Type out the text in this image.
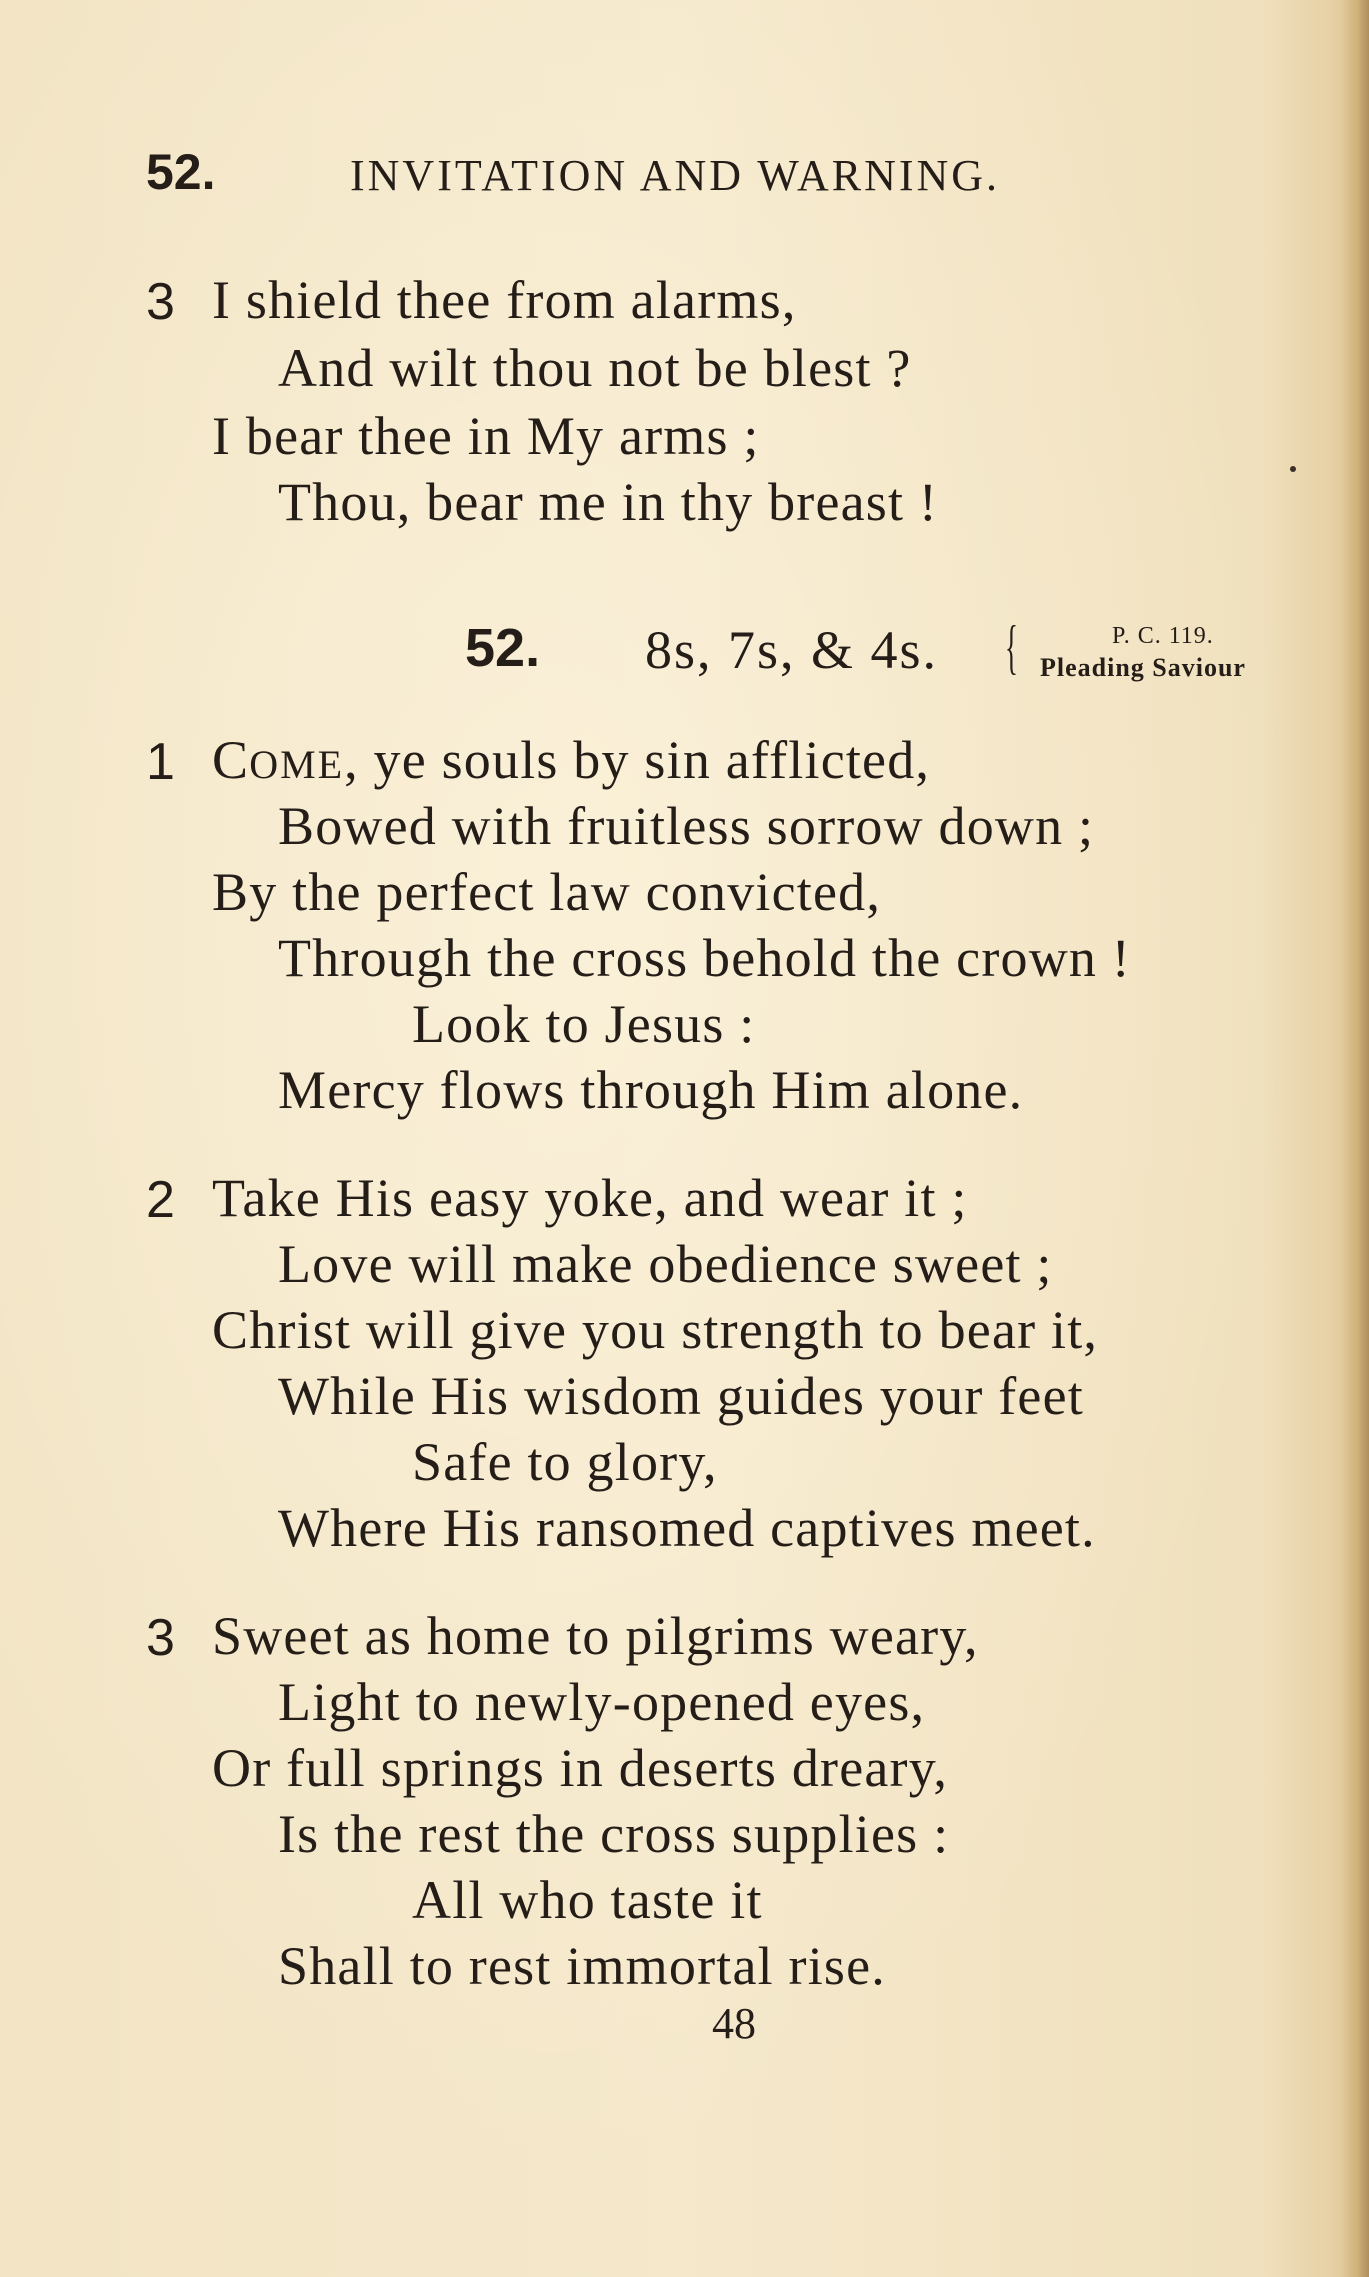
52.	INVITATION AND WARNING.
3 I shield thee from alarms,
And wilt thou not be blest ?
I bear thee in My arms ;
Thou, bear me in thy breast !
52. 8s, 7s, & 4s. {	P. C. 119.
Pleading Saviour
1 COME, ye souls by sin afflicted,
Bowed with fruitless sorrow down ;
By the perfect law convicted,
Through the cross behold the crown !
Look to Jesus :
Mercy flows through Him alone.
2 Take His easy yoke, and wear it ;
Love will make obedience sweet ;
Christ will give you strength to bear it,
While His wisdom guides your feet
Safe to glory,
Where His ransomed captives meet.
3 Sweet as home to pilgrims weary,
Light to newly-opened eyes,
Or full springs in deserts dreary,
Is the rest the cross supplies :
All who taste it
Shall to rest immortal rise.
48
